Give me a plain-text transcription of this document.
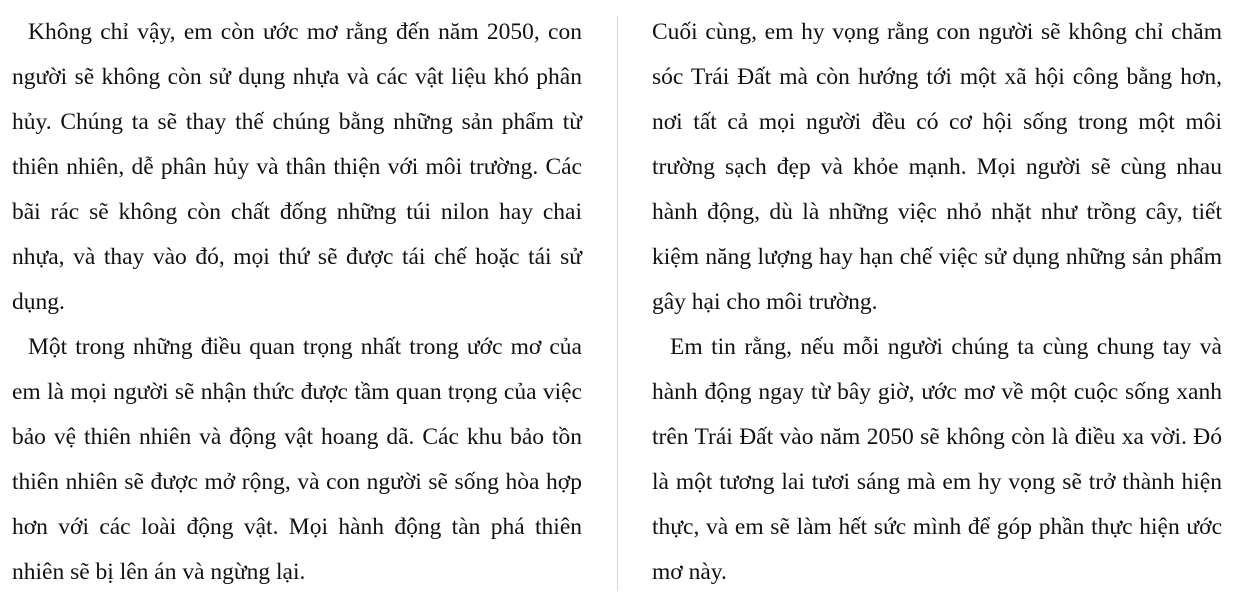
Không chỉ vậy, em còn ước mơ rằng đến năm 2050, con người sẽ không còn sử dụng nhựa và các vật liệu khó phân hủy. Chúng ta sẽ thay thế chúng bằng những sản phẩm từ thiên nhiên, dễ phân hủy và thân thiện với môi trường. Các bãi rác sẽ không còn chất đống những túi nilon hay chai nhựa, và thay vào đó, mọi thứ sẽ được tái chế hoặc tái sử dụng.

Một trong những điều quan trọng nhất trong ước mơ của em là mọi người sẽ nhận thức được tầm quan trọng của việc bảo vệ thiên nhiên và động vật hoang dã. Các khu bảo tồn thiên nhiên sẽ được mở rộng, và con người sẽ sống hòa hợp hơn với các loài động vật. Mọi hành động tàn phá thiên nhiên sẽ bị lên án và ngừng lại.

Cuối cùng, em hy vọng rằng con người sẽ không chỉ chăm sóc Trái Đất mà còn hướng tới một xã hội công bằng hơn, nơi tất cả mọi người đều có cơ hội sống trong một môi trường sạch đẹp và khỏe mạnh. Mọi người sẽ cùng nhau hành động, dù là những việc nhỏ nhặt như trồng cây, tiết kiệm năng lượng hay hạn chế việc sử dụng những sản phẩm gây hại cho môi trường.

Em tin rằng, nếu mỗi người chúng ta cùng chung tay và hành động ngay từ bây giờ, ước mơ về một cuộc sống xanh trên Trái Đất vào năm 2050 sẽ không còn là điều xa vời. Đó là một tương lai tươi sáng mà em hy vọng sẽ trở thành hiện thực, và em sẽ làm hết sức mình để góp phần thực hiện ước mơ này.
